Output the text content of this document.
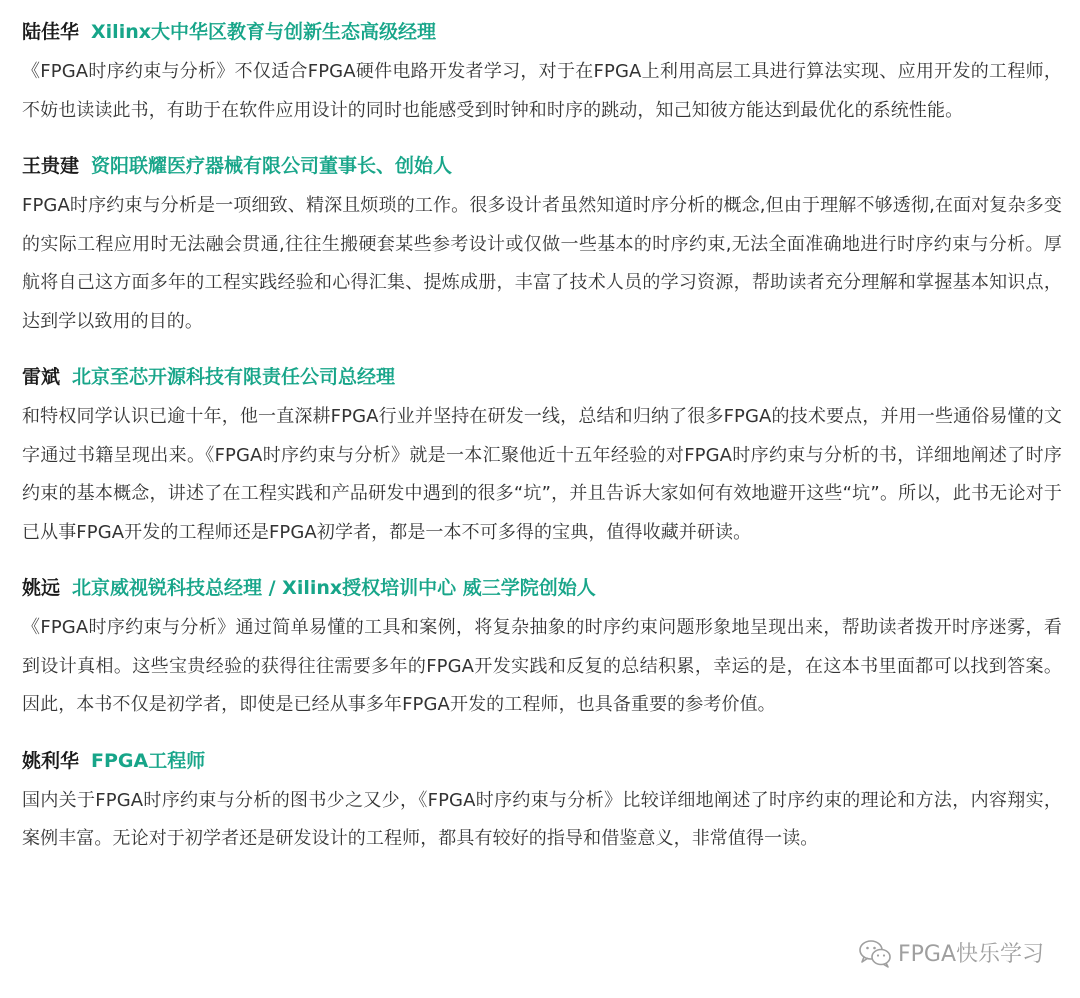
陆佳华 Xilinx大中华区教育与创新生态高级经理
《FPGA时序约束与分析》不仅适合FPGA硬件电路开发者学习，对于在FPGA上利用高层工具进行算法实现、应用开发的工程师，不妨也读读此书，有助于在软件应用设计的同时也能感受到时钟和时序的跳动，知己知彼方能达到最优化的系统性能。
王贵建 资阳联耀医疗器械有限公司董事长、创始人
FPGA时序约束与分析是一项细致、精深且烦琐的工作。很多设计者虽然知道时序分析的概念,但由于理解不够透彻,在面对复杂多变的实际工程应用时无法融会贯通,往往生搬硬套某些参考设计或仅做一些基本的时序约束,无法全面准确地进行时序约束与分析。厚航将自己这方面多年的工程实践经验和心得汇集、提炼成册，丰富了技术人员的学习资源，帮助读者充分理解和掌握基本知识点，达到学以致用的目的。
雷斌 北京至芯开源科技有限责任公司总经理
和特权同学认识已逾十年，他一直深耕FPGA行业并坚持在研发一线，总结和归纳了很多FPGA的技术要点，并用一些通俗易懂的文字通过书籍呈现出来。《FPGA时序约束与分析》就是一本汇聚他近十五年经验的对FPGA时序约束与分析的书，详细地阐述了时序约束的基本概念，讲述了在工程实践和产品研发中遇到的很多“坑”，并且告诉大家如何有效地避开这些“坑”。所以，此书无论对于已从事FPGA开发的工程师还是FPGA初学者，都是一本不可多得的宝典，值得收藏并研读。
姚远 北京威视锐科技总经理 / Xilinx授权培训中心 威三学院创始人
《FPGA时序约束与分析》通过简单易懂的工具和案例，将复杂抽象的时序约束问题形象地呈现出来，帮助读者拨开时序迷雾，看到设计真相。这些宝贵经验的获得往往需要多年的FPGA开发实践和反复的总结积累，幸运的是，在这本书里面都可以找到答案。因此，本书不仅是初学者，即使是已经从事多年FPGA开发的工程师，也具备重要的参考价值。
姚利华 FPGA工程师
国内关于FPGA时序约束与分析的图书少之又少，《FPGA时序约束与分析》比较详细地阐述了时序约束的理论和方法，内容翔实，案例丰富。无论对于初学者还是研发设计的工程师，都具有较好的指导和借鉴意义，非常值得一读。
FPGA快乐学习
